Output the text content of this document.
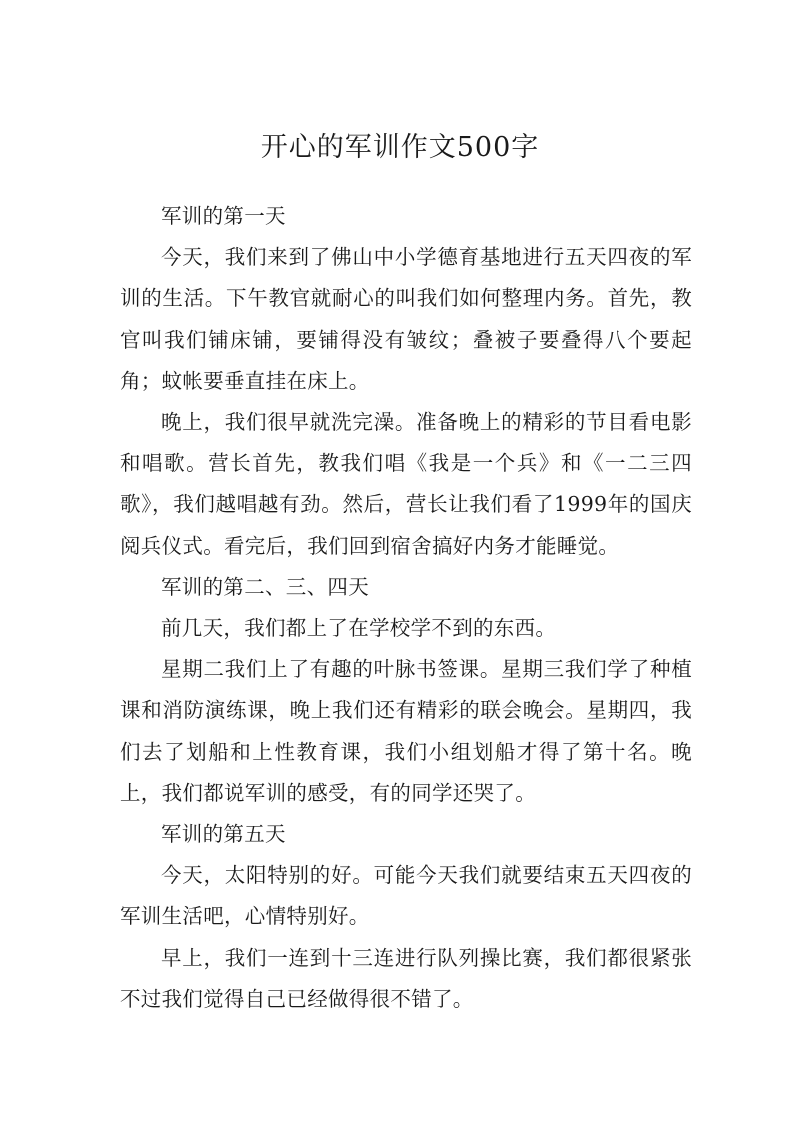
开心的军训作文500字

军训的第一天

今天，我们来到了佛山中小学德育基地进行五天四夜的军训的生活。下午教官就耐心的叫我们如何整理内务。首先，教官叫我们铺床铺，要铺得没有皱纹；叠被子要叠得八个要起角；蚊帐要垂直挂在床上。

晚上，我们很早就洗完澡。准备晚上的精彩的节目看电影和唱歌。营长首先，教我们唱《我是一个兵》和《一二三四歌》，我们越唱越有劲。然后，营长让我们看了1999年的国庆阅兵仪式。看完后，我们回到宿舍搞好内务才能睡觉。

军训的第二、三、四天

前几天，我们都上了在学校学不到的东西。

星期二我们上了有趣的叶脉书签课。星期三我们学了种植课和消防演练课，晚上我们还有精彩的联会晚会。星期四，我们去了划船和上性教育课，我们小组划船才得了第十名。晚上，我们都说军训的感受，有的同学还哭了。

军训的第五天

今天，太阳特别的好。可能今天我们就要结束五天四夜的军训生活吧，心情特别好。

早上，我们一连到十三连进行队列操比赛，我们都很紧张不过我们觉得自己已经做得很不错了。
